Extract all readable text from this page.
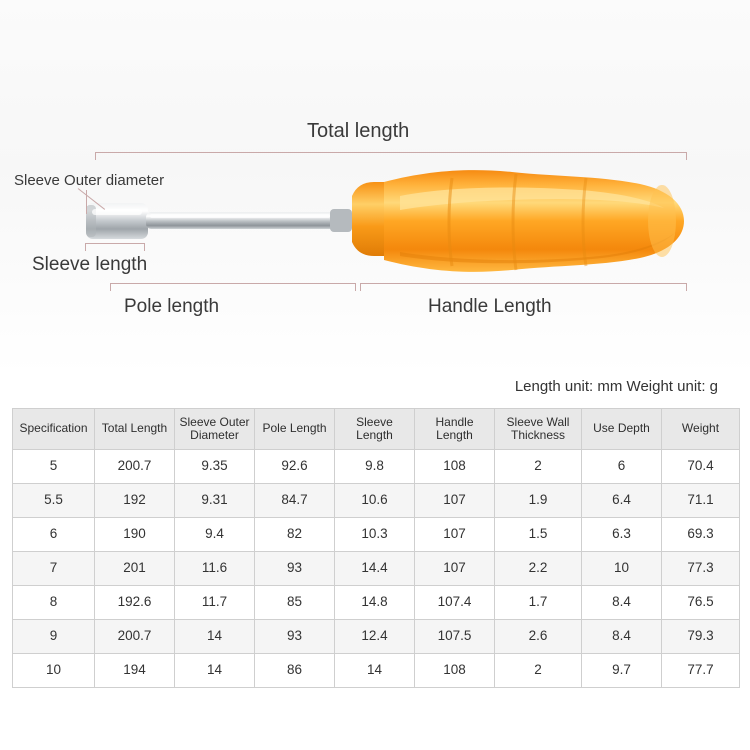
Total length
Sleeve Outer diameter
Sleeve length
Pole length	Handle Length
Length unit: mm Weight unit: g
Specification	Total Length	Sleeve Outer Diameter	Pole Length	Sleeve Length	Handle Length	Sleeve Wall Thickness	Use Depth	Weight
5	200.7	9.35	92.6	9.8	108	2	6	70.4
5.5	192	9.31	84.7	10.6	107	1.9	6.4	71.1
6	190	9.4	82	10.3	107	1.5	6.3	69.3
7	201	11.6	93	14.4	107	2.2	10	77.3
8	192.6	11.7	85	14.8	107.4	1.7	8.4	76.5
9	200.7	14	93	12.4	107.5	2.6	8.4	79.3
10	194	14	86	14	108	2	9.7	77.7
